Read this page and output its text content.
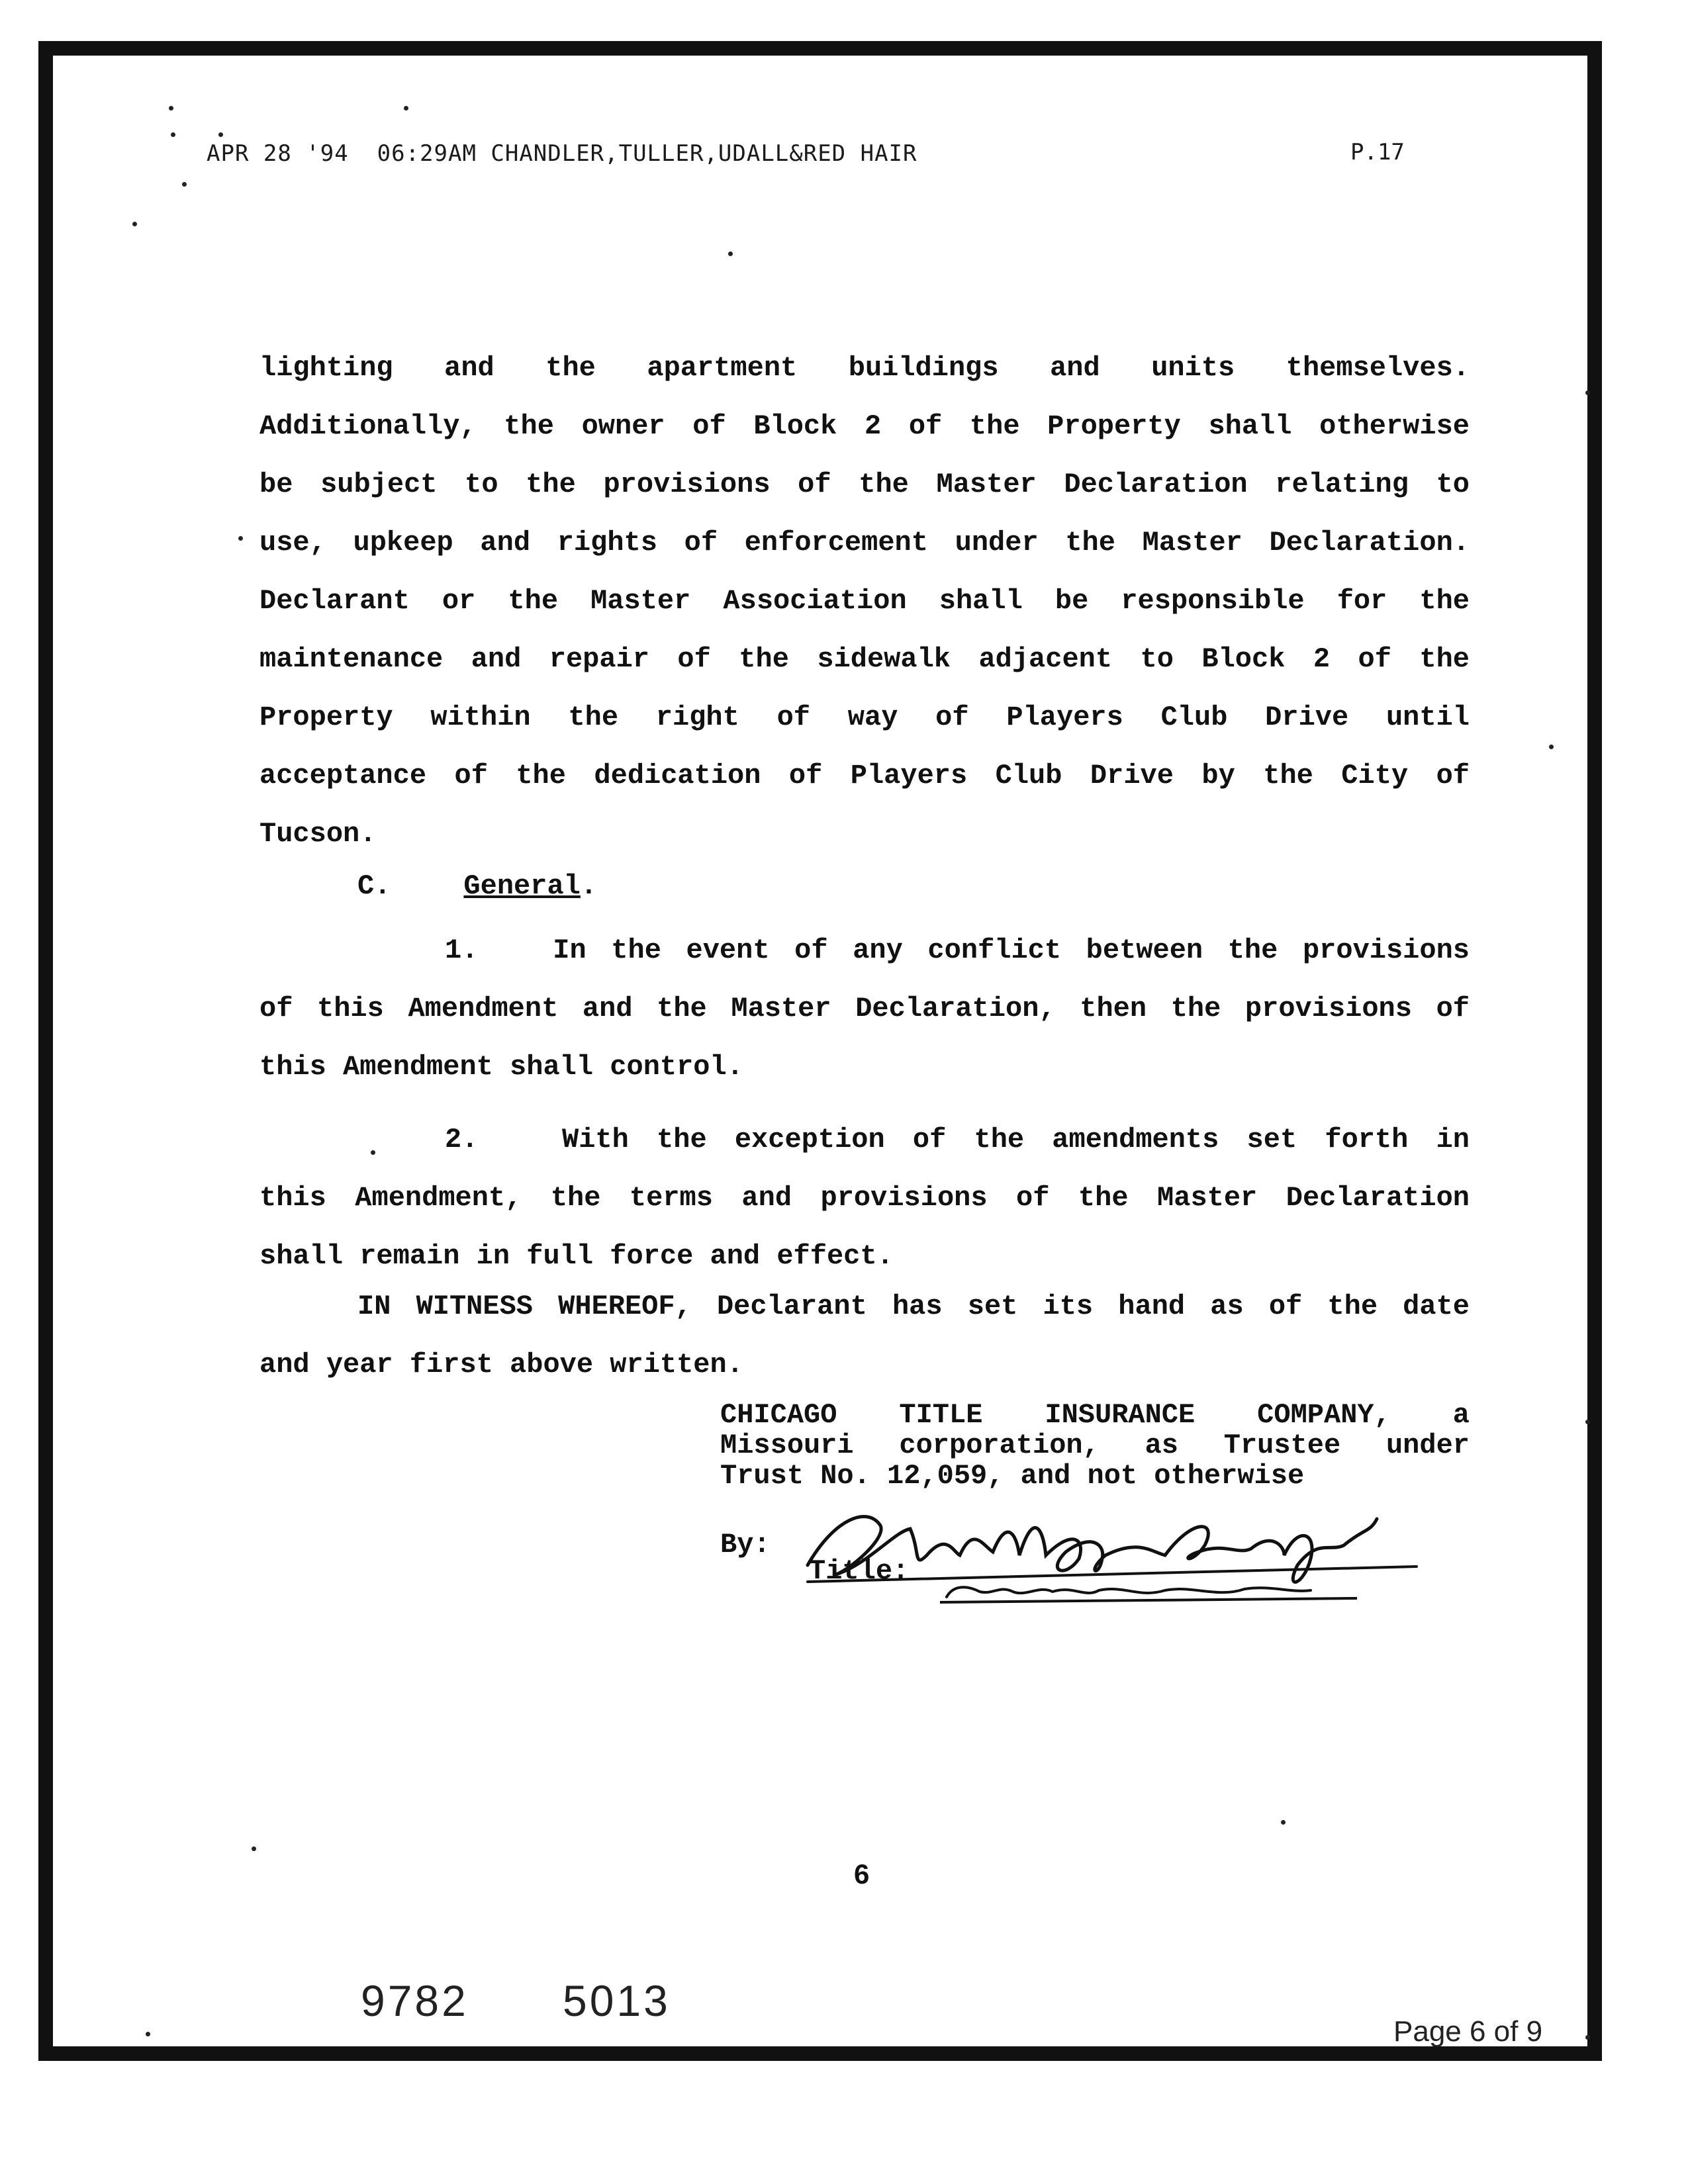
APR 28 '94  06:29AM CHANDLER,TULLER,UDALL&RED HAIR	P.17
lighting and the apartment buildings and units themselves.
Additionally, the owner of Block 2 of the Property shall otherwise
be subject to the provisions of the Master Declaration relating to
use, upkeep and rights of enforcement under the Master Declaration.
Declarant or the Master Association shall be responsible for the
maintenance and repair of the sidewalk adjacent to Block 2 of the
Property within the right of way of Players Club Drive until
acceptance of the dedication of Players Club Drive by the City of
Tucson.
C.	General.
1.   In the event of any conflict between the provisions
of this Amendment and the Master Declaration, then the provisions of
this Amendment shall control.
2.   With the exception of the amendments set forth in
this Amendment, the terms and provisions of the Master Declaration
shall remain in full force and effect.
IN WITNESS WHEREOF, Declarant has set its hand as of the date
and year first above written.
CHICAGO TITLE INSURANCE COMPANY, a
Missouri corporation, as Trustee under
Trust No. 12,059, and not otherwise
By:
Title:
6
9782 5013
Page 6 of 9
